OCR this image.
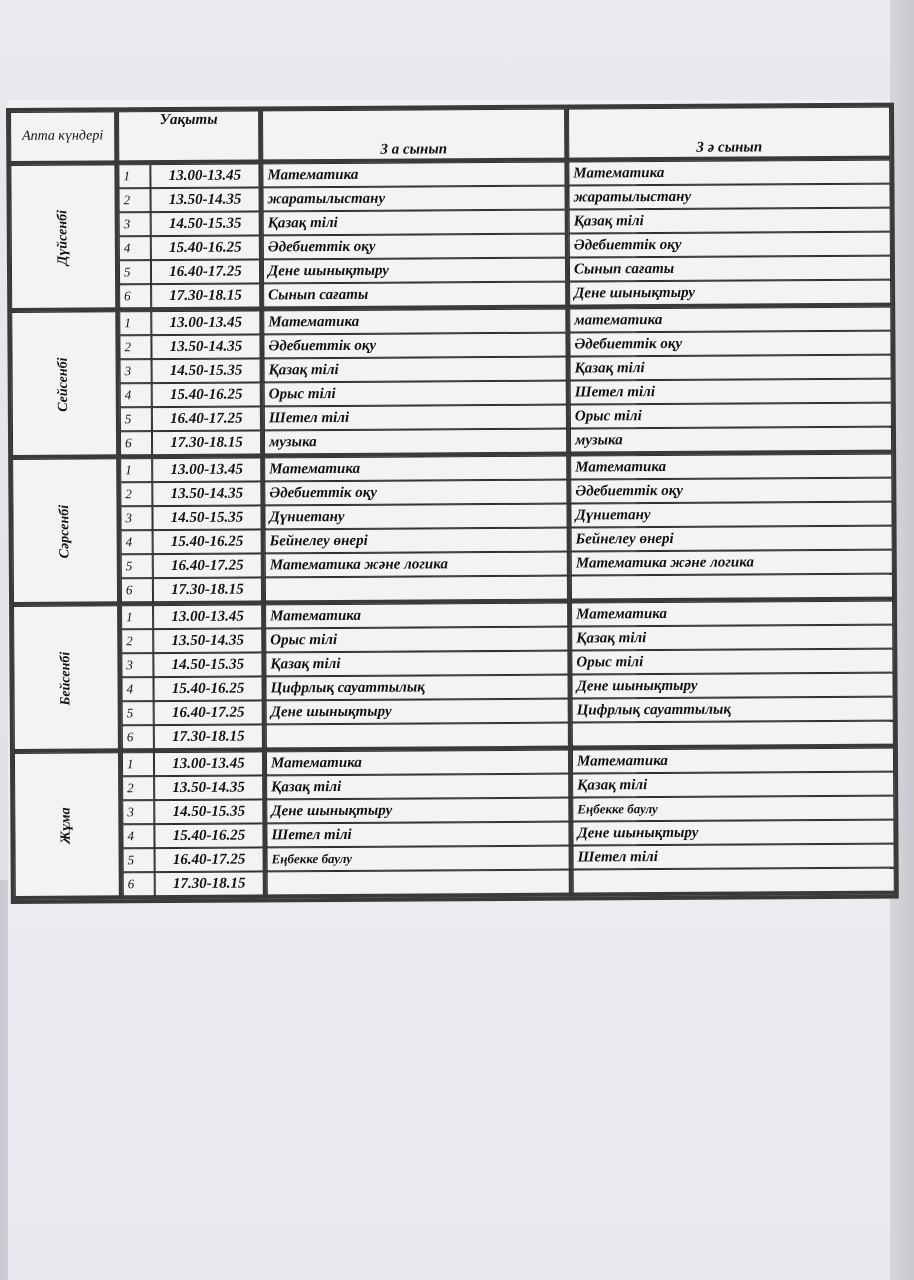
Апта күндері	Уақыты		3 а сынып	3 ә сынып
Дүйсенбі	1	13.00-13.45	Математика	Математика
	2	13.50-14.35	жаратылыстану	жаратылыстану
	3	14.50-15.35	Қазақ тілі	Қазақ тілі
	4	15.40-16.25	Әдебиеттік оқу	Әдебиеттік оқу
	5	16.40-17.25	Дене шынықтыру	Сынып сағаты
	6	17.30-18.15	Сынып сағаты	Дене шынықтыру
Сейсенбі	1	13.00-13.45	Математика	математика
	2	13.50-14.35	Әдебиеттік оқу	Әдебиеттік оқу
	3	14.50-15.35	Қазақ тілі	Қазақ тілі
	4	15.40-16.25	Орыс тілі	Шетел тілі
	5	16.40-17.25	Шетел тілі	Орыс тілі
	6	17.30-18.15	музыка	музыка
Сәрсенбі	1	13.00-13.45	Математика	Математика
	2	13.50-14.35	Әдебиеттік оқу	Әдебиеттік оқу
	3	14.50-15.35	Дүниетану	Дүниетану
	4	15.40-16.25	Бейнелеу өнері	Бейнелеу өнері
	5	16.40-17.25	Математика және логика	Математика және логика
	6	17.30-18.15		
Бейсенбі	1	13.00-13.45	Математика	Математика
	2	13.50-14.35	Орыс тілі	Қазақ тілі
	3	14.50-15.35	Қазақ тілі	Орыс тілі
	4	15.40-16.25	Цифрлық сауаттылық	Дене шынықтыру
	5	16.40-17.25	Дене шынықтыру	Цифрлық сауаттылық
	6	17.30-18.15		
Жұма	1	13.00-13.45	Математика	Математика
	2	13.50-14.35	Қазақ тілі	Қазақ тілі
	3	14.50-15.35	Дене шынықтыру	Еңбекке баулу
	4	15.40-16.25	Шетел тілі	Дене шынықтыру
	5	16.40-17.25	Еңбекке баулу	Шетел тілі
	6	17.30-18.15		
